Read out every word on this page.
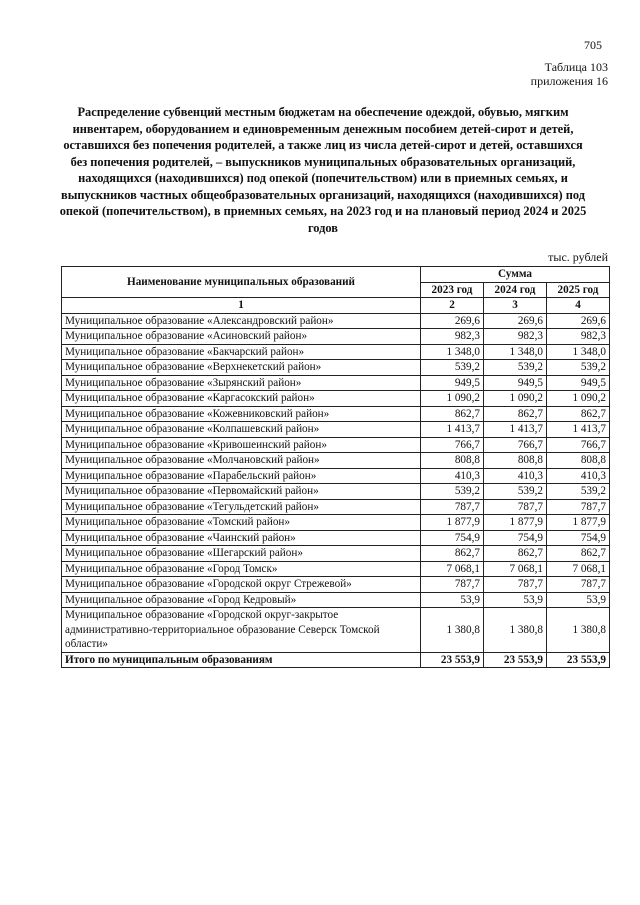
705
Таблица 103
приложения 16
Распределение субвенций местным бюджетам на обеспечение одеждой, обувью, мягким инвентарем, оборудованием и единовременным денежным пособием детей-сирот и детей, оставшихся без попечения родителей, а также лиц из числа детей-сирот и детей, оставшихся без попечения родителей, – выпускников муниципальных образовательных организаций, находящихся (находившихся) под опекой (попечительством) или в приемных семьях, и выпускников частных общеобразовательных организаций, находящихся (находившихся) под опекой (попечительством), в приемных семьях, на 2023 год и на плановый период 2024 и 2025 годов
тыс. рублей
Наименование муниципальных образований	Сумма		
	2023 год	2024 год	2025 год
1	2	3	4
Муниципальное образование «Александровский район»	269,6	269,6	269,6
Муниципальное образование «Асиновский район»	982,3	982,3	982,3
Муниципальное образование «Бакчарский район»	1 348,0	1 348,0	1 348,0
Муниципальное образование «Верхнекетский район»	539,2	539,2	539,2
Муниципальное образование «Зырянский район»	949,5	949,5	949,5
Муниципальное образование «Каргасокский район»	1 090,2	1 090,2	1 090,2
Муниципальное образование «Кожевниковский район»	862,7	862,7	862,7
Муниципальное образование «Колпашевский район»	1 413,7	1 413,7	1 413,7
Муниципальное образование «Кривошеинский район»	766,7	766,7	766,7
Муниципальное образование «Молчановский район»	808,8	808,8	808,8
Муниципальное образование «Парабельский район»	410,3	410,3	410,3
Муниципальное образование «Первомайский район»	539,2	539,2	539,2
Муниципальное образование «Тегульдетский район»	787,7	787,7	787,7
Муниципальное образование «Томский район»	1 877,9	1 877,9	1 877,9
Муниципальное образование «Чаинский район»	754,9	754,9	754,9
Муниципальное образование «Шегарский район»	862,7	862,7	862,7
Муниципальное образование «Город Томск»	7 068,1	7 068,1	7 068,1
Муниципальное образование «Городской округ Стрежевой»	787,7	787,7	787,7
Муниципальное образование «Город Кедровый»	53,9	53,9	53,9
Муниципальное образование «Городской округ-закрытое административно-территориальное образование Северск Томской области»	1 380,8	1 380,8	1 380,8
Итого по муниципальным образованиям	23 553,9	23 553,9	23 553,9
